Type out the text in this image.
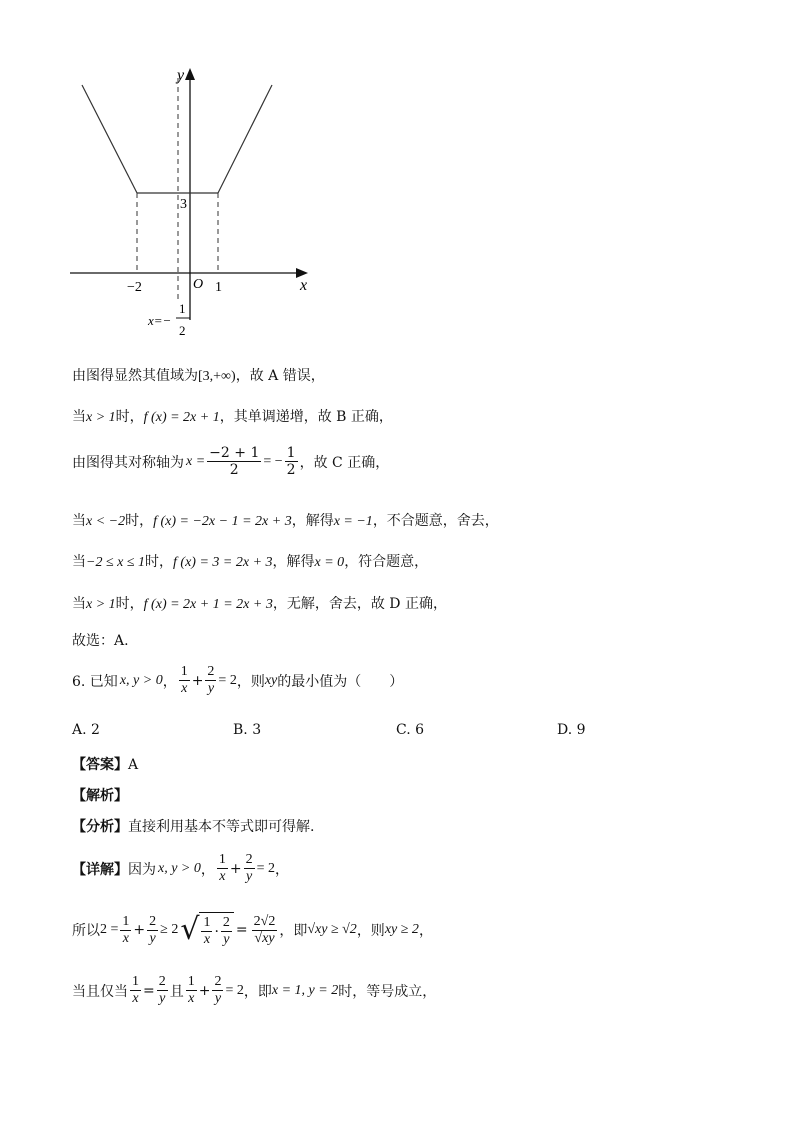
y
x
O
3
−2	1
x=−
1
2
由图得显然其值域为[3,+∞)，故 A 错误，
当x > 1时，f (x) = 2x + 1，其单调递增，故 B 正确，
由图得其对称轴为 $x = \frac{-2 + 1}{2}$ = − $\frac{1}{2}$ ，故 C 正确，
当x < −2时，f (x) = −2x − 1 = 2x + 3，解得x = −1，不合题意，舍去，
当−2 ≤ x ≤ 1时，f (x) = 3 = 2x + 3，解得x = 0，符合题意，
当x > 1时，f (x) = 2x + 1 = 2x + 3，无解，舍去，故 D 正确，
故选：A.
6. 已知 x, y > 0 ， $\frac{1}{x} + \frac{2}{y} = 2$ ，则 xy 的最小值为（　　）
A. 2	B. 3	C. 6	D. 9
【答案】A
【解析】
【分析】直接利用基本不等式即可得解.
【详解】 因为 x, y > 0 ， $\frac{1}{x} + \frac{2}{y} = 2$ ，
所以 $2 = \frac{1}{x} + \frac{2}{y} \ge 2$ √ $\frac{1}{x} \cdot \frac{2}{y} = \frac{2√2}{√xy}$ ，即 √xy ≥ √2 ，则 xy ≥ 2 ，
当且仅当 $\frac{1}{x} = \frac{2}{y}$ 且 $\frac{1}{x} + \frac{2}{y} = 2$ ，即 x = 1, y = 2 时，等号成立，
